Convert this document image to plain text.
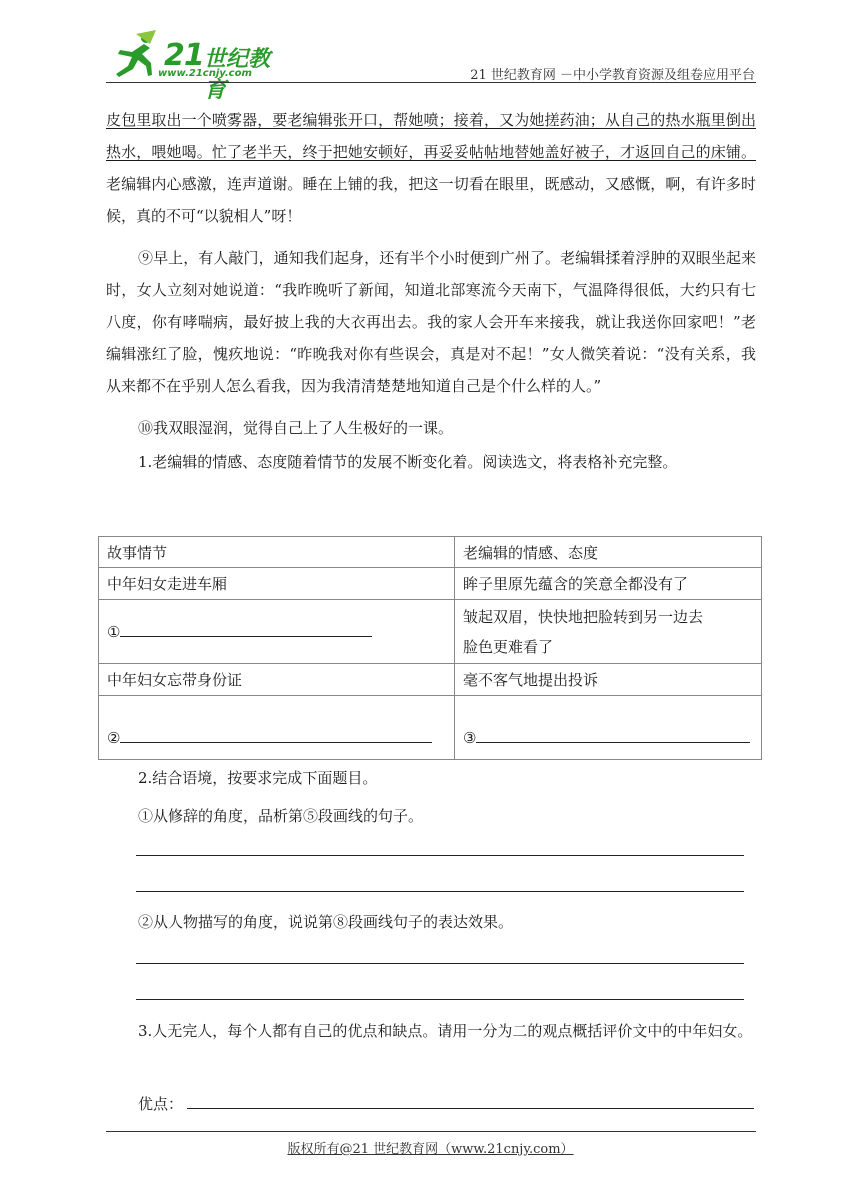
21 世纪教育
www.21cnjy.com	21 世纪教育网 －中小学教育资源及组卷应用平台

皮包里取出一个喷雾器，要老编辑张开口，帮她喷；接着，又为她搓药油；从自己的热水瓶里倒出热水，喂她喝。忙了老半天，终于把她安顿好，再妥妥帖帖地替她盖好被子，才返回自己的床铺。老编辑内心感激，连声道谢。睡在上铺的我，把这一切看在眼里，既感动，又感慨，啊，有许多时候，真的不可“以貌相人”呀！

⑨早上，有人敲门，通知我们起身，还有半个小时便到广州了。老编辑揉着浮肿的双眼坐起来时，女人立刻对她说道：“我昨晚听了新闻，知道北部寒流今天南下，气温降得很低，大约只有七八度，你有哮喘病，最好披上我的大衣再出去。我的家人会开车来接我，就让我送你回家吧！”老编辑涨红了脸，愧疚地说：“昨晚我对你有些误会，真是对不起！”女人微笑着说：“没有关系，我从来都不在乎别人怎么看我，因为我清清楚楚地知道自己是个什么样的人。”

⑩我双眼湿润，觉得自己上了人生极好的一课。

1.老编辑的情感、态度随着情节的发展不断变化着。阅读选文，将表格补充完整。

故事情节	老编辑的情感、态度
中年妇女走进车厢	眸子里原先蕴含的笑意全都没有了
①	皱起双眉，快快地把脸转到另一边去
脸色更难看了

中年妇女忘带身份证	毫不客气地提出投诉
②	③

2.结合语境，按要求完成下面题目。

①从修辞的角度，品析第⑤段画线的句子。

②从人物描写的角度，说说第⑧段画线句子的表达效果。

3.人无完人，每个人都有自己的优点和缺点。请用一分为二的观点概括评价文中的中年妇女。

优点：

版权所有@21 世纪教育网（www.21cnjy.com）
